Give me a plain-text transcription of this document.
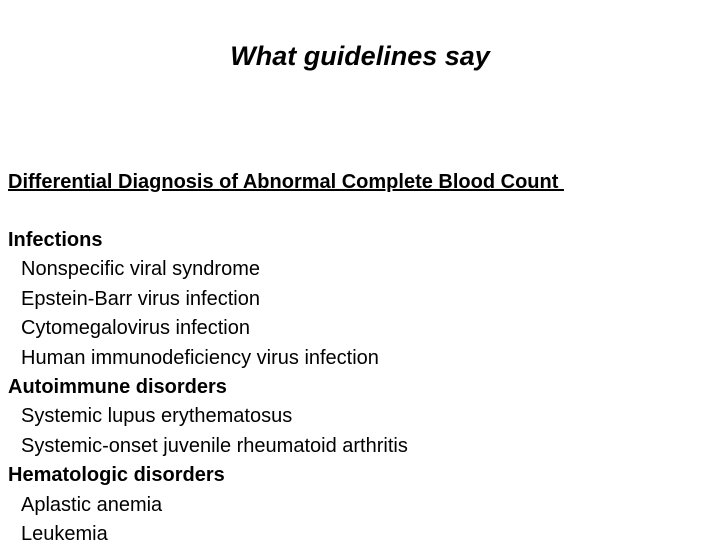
What guidelines say
Differential Diagnosis of Abnormal Complete Blood Count
Infections
Nonspecific viral syndrome
Epstein-Barr virus infection
Cytomegalovirus infection
Human immunodeficiency virus infection
Autoimmune disorders
Systemic lupus erythematosus
Systemic-onset juvenile rheumatoid arthritis
Hematologic disorders
Aplastic anemia
Leukemia
